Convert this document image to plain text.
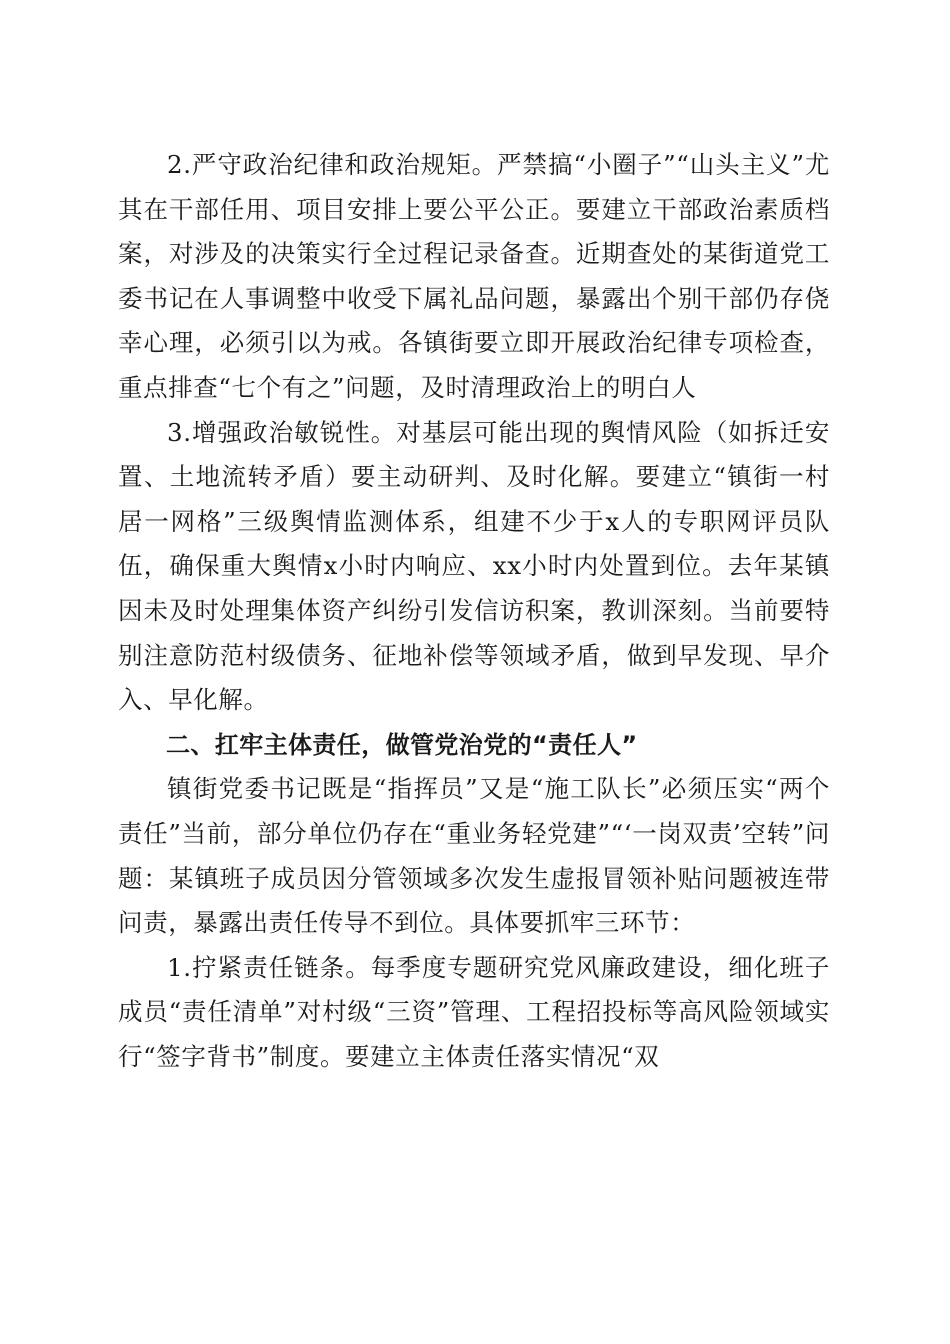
2.严守政治纪律和政治规矩。严禁搞“小圈子”“山头主义”尤其在干部任用、项目安排上要公平公正。要建立干部政治素质档案，对涉及的决策实行全过程记录备查。近期查处的某街道党工委书记在人事调整中收受下属礼品问题，暴露出个别干部仍存侥幸心理，必须引以为戒。各镇街要立即开展政治纪律专项检查，重点排查“七个有之”问题，及时清理政治上的明白人

3.增强政治敏锐性。对基层可能出现的舆情风险（如拆迁安置、土地流转矛盾）要主动研判、及时化解。要建立“镇街一村居一网格”三级舆情监测体系，组建不少于x人的专职网评员队伍，确保重大舆情x小时内响应、xx小时内处置到位。去年某镇因未及时处理集体资产纠纷引发信访积案，教训深刻。当前要特别注意防范村级债务、征地补偿等领域矛盾，做到早发现、早介入、早化解。

二、扛牢主体责任，做管党治党的“责任人”

镇街党委书记既是“指挥员”又是“施工队长”必须压实“两个责任”当前，部分单位仍存在“重业务轻党建”“‘一岗双责’空转”问题：某镇班子成员因分管领域多次发生虚报冒领补贴问题被连带问责，暴露出责任传导不到位。具体要抓牢三环节：

1.拧紧责任链条。每季度专题研究党风廉政建设，细化班子成员“责任清单”对村级“三资”管理、工程招投标等高风险领域实行“签字背书”制度。要建立主体责任落实情况“双
